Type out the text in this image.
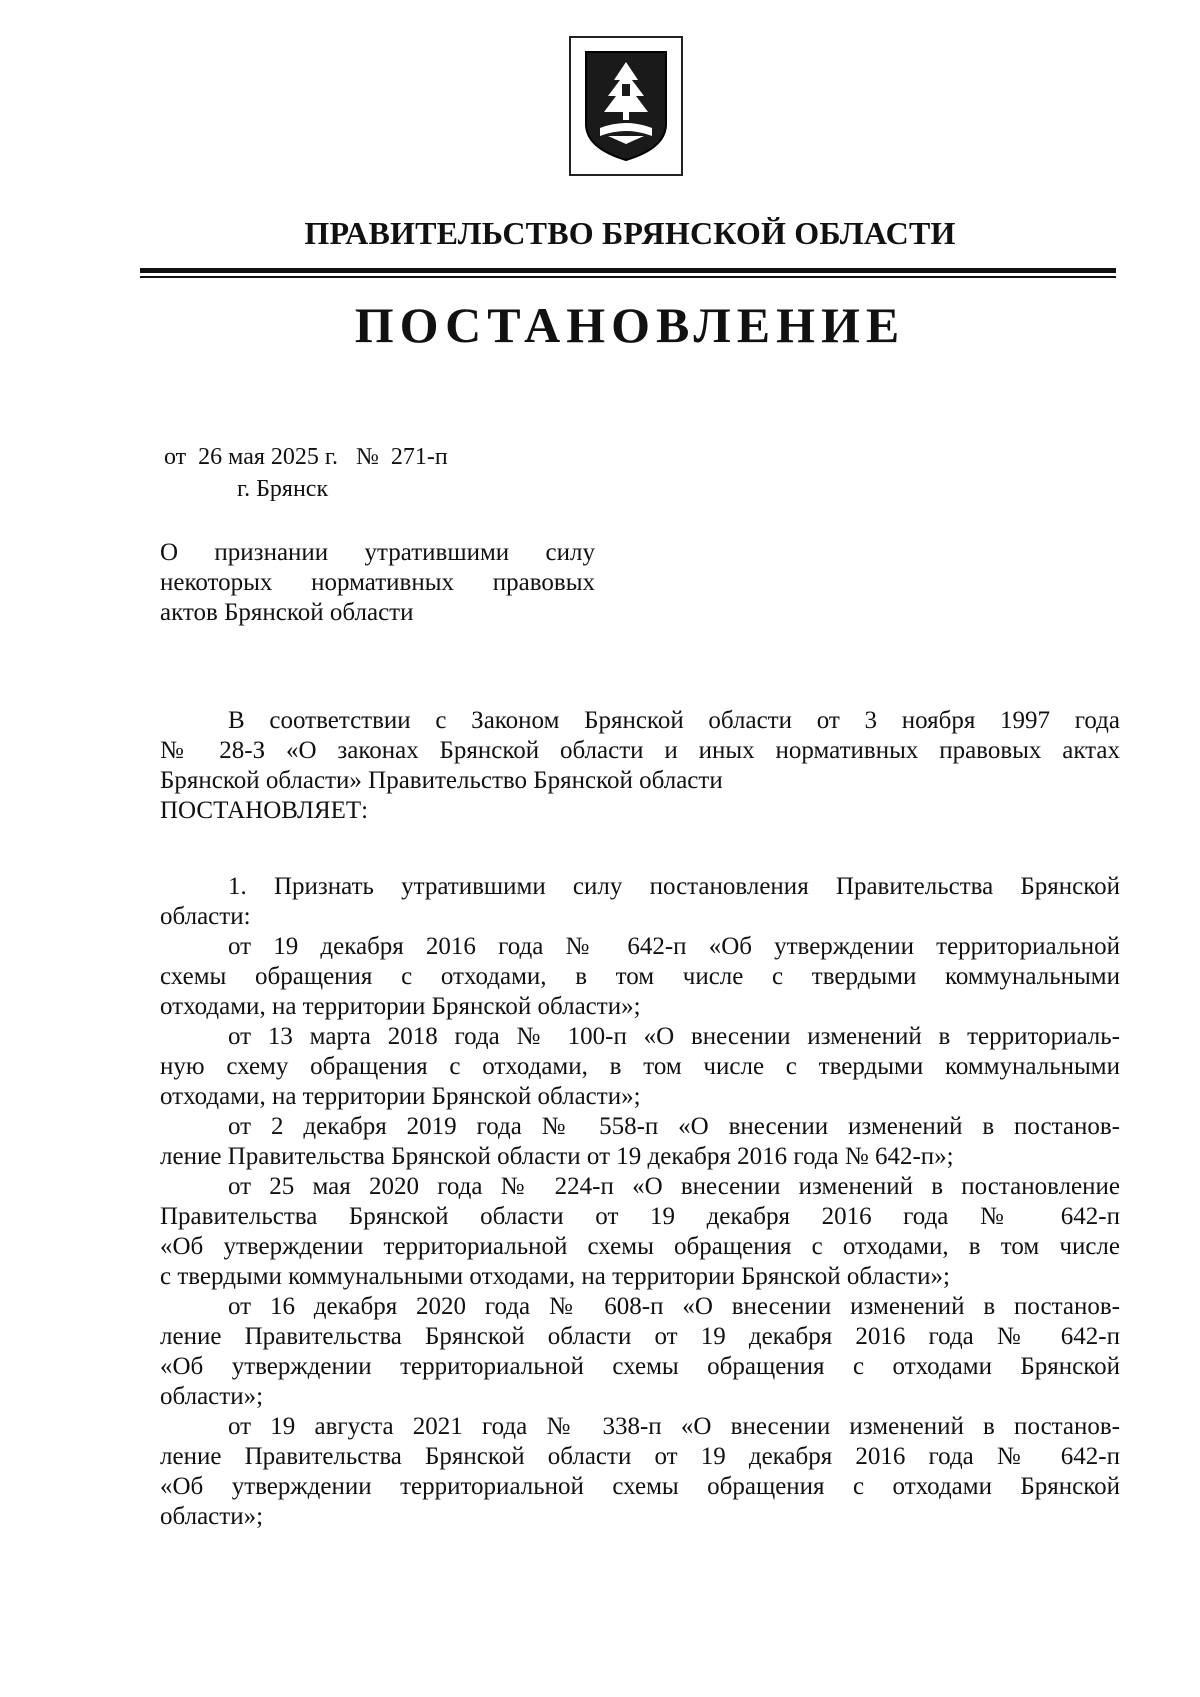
ПРАВИТЕЛЬСТВО БРЯНСКОЙ ОБЛАСТИ
ПОСТАНОВЛЕНИЕ
от  26 мая 2025 г.   №  271-п
г. Брянск
О признании утратившими силу
некоторых нормативных правовых
актов Брянской области
В соответствии с Законом Брянской области от 3 ноября 1997 года
№ 28-З «О законах Брянской области и иных нормативных правовых актах
Брянской области» Правительство Брянской области
ПОСТАНОВЛЯЕТ:
1. Признать утратившими силу постановления Правительства Брянской
области:
от 19 декабря 2016 года № 642-п «Об утверждении территориальной
схемы обращения с отходами, в том числе с твердыми коммунальными
отходами, на территории Брянской области»;
от 13 марта 2018 года № 100-п «О внесении изменений в территориаль-
ную схему обращения с отходами, в том числе с твердыми коммунальными
отходами, на территории Брянской области»;
от 2 декабря 2019 года № 558-п «О внесении изменений в постанов-
ление Правительства Брянской области от 19 декабря 2016 года № 642-п»;
от 25 мая 2020 года № 224-п «О внесении изменений в постановление
Правительства Брянской области от 19 декабря 2016 года № 642-п
«Об утверждении территориальной схемы обращения с отходами, в том числе
с твердыми коммунальными отходами, на территории Брянской области»;
от 16 декабря 2020 года № 608-п «О внесении изменений в постанов-
ление Правительства Брянской области от 19 декабря 2016 года № 642-п
«Об утверждении территориальной схемы обращения с отходами Брянской
области»;
от 19 августа 2021 года № 338-п «О внесении изменений в постанов-
ление Правительства Брянской области от 19 декабря 2016 года № 642-п
«Об утверждении территориальной схемы обращения с отходами Брянской
области»;
